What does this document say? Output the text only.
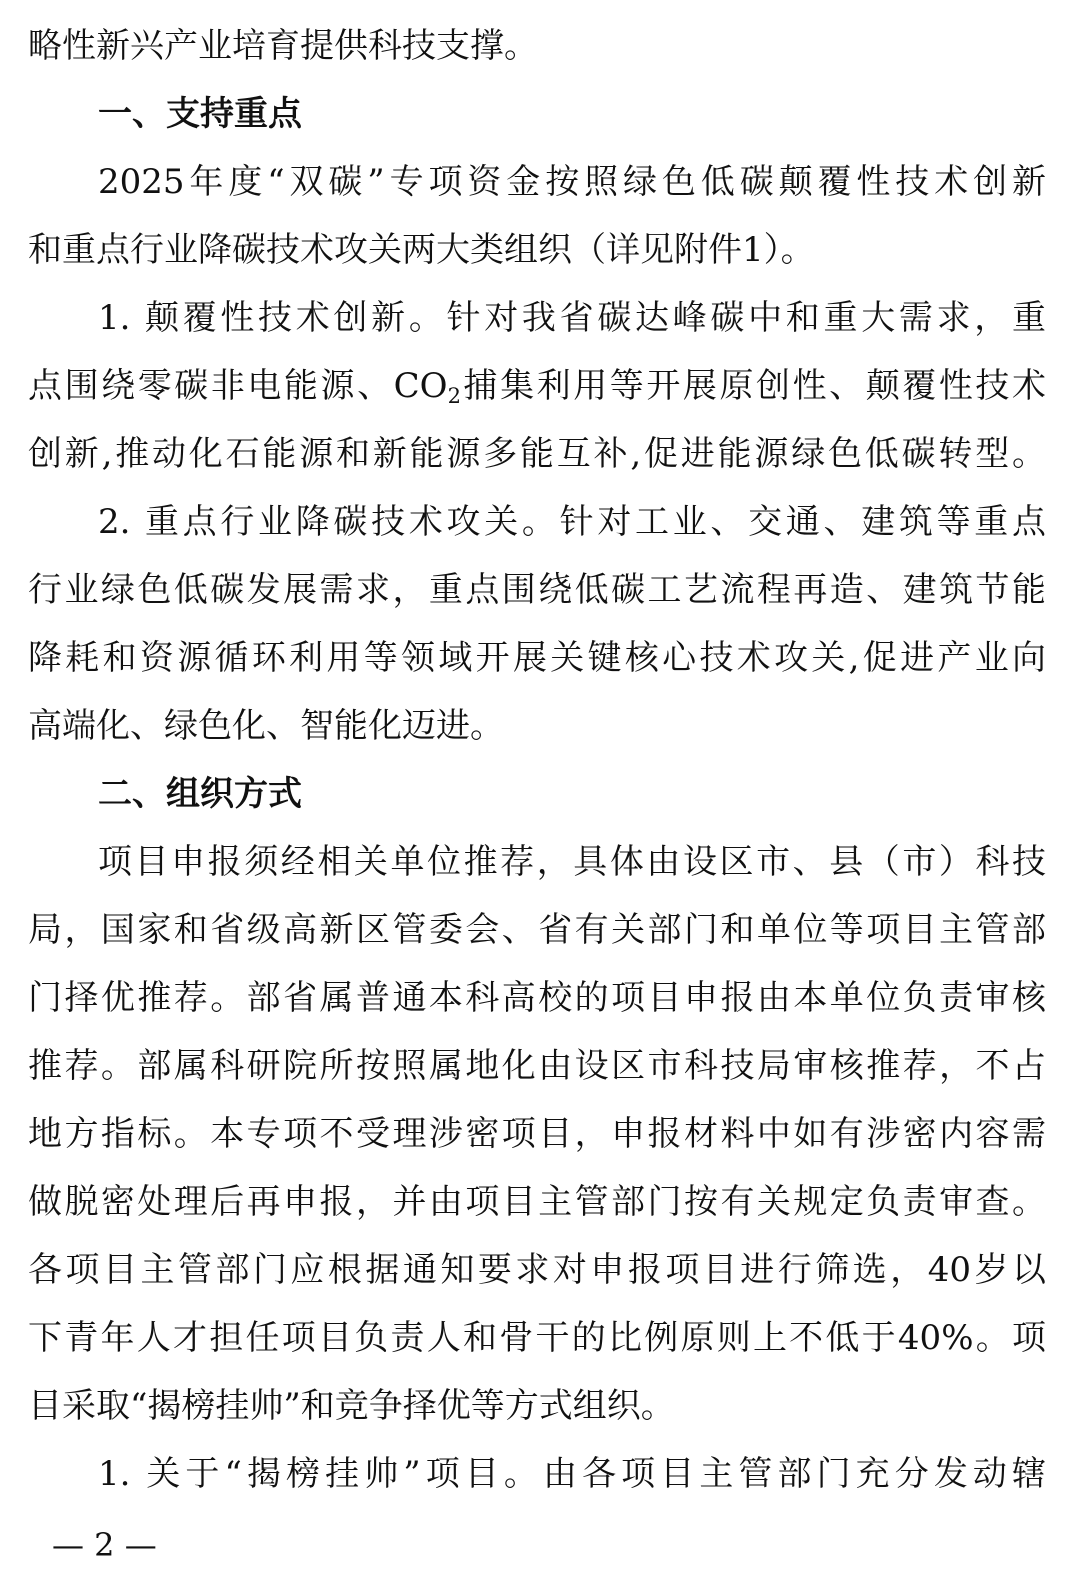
略性新兴产业培育提供科技支撑。
一、支持重点
2025年度“双碳”专项资金按照绿色低碳颠覆性技术创新
和重点行业降碳技术攻关两大类组织（详见附件1）。
1. 颠覆性技术创新。针对我省碳达峰碳中和重大需求，重
点围绕零碳非电能源、$CO_2$捕集利用等开展原创性、颠覆性技术
创新,推动化石能源和新能源多能互补,促进能源绿色低碳转型。
2. 重点行业降碳技术攻关。针对工业、交通、建筑等重点
行业绿色低碳发展需求，重点围绕低碳工艺流程再造、建筑节能
降耗和资源循环利用等领域开展关键核心技术攻关,促进产业向
高端化、绿色化、智能化迈进。
二、组织方式
项目申报须经相关单位推荐，具体由设区市、县（市）科技
局，国家和省级高新区管委会、省有关部门和单位等项目主管部
门择优推荐。部省属普通本科高校的项目申报由本单位负责审核
推荐。部属科研院所按照属地化由设区市科技局审核推荐，不占
地方指标。本专项不受理涉密项目，申报材料中如有涉密内容需
做脱密处理后再申报，并由项目主管部门按有关规定负责审查。
各项目主管部门应根据通知要求对申报项目进行筛选，40岁以
下青年人才担任项目负责人和骨干的比例原则上不低于40%。项
目采取“揭榜挂帅”和竞争择优等方式组织。
1. 关于“揭榜挂帅”项目。由各项目主管部门充分发动辖
— 2 —
